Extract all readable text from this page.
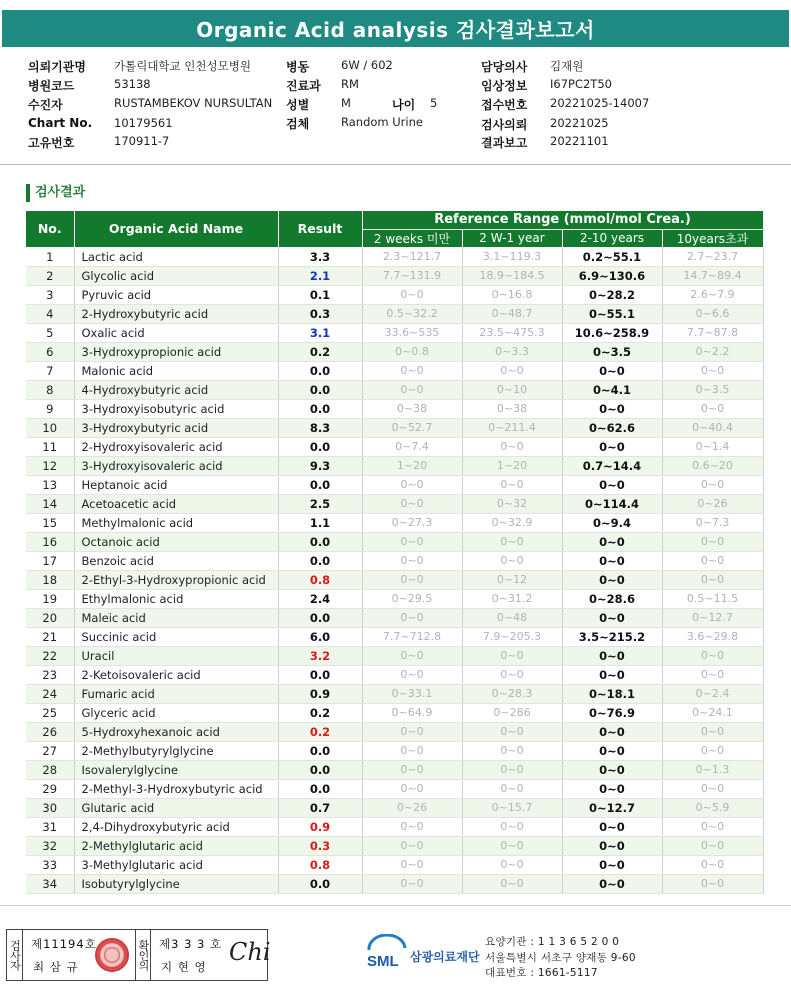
Organic Acid analysis 검사결과보고서
의뢰기관명 가톨릭대학교 인천성모병원
병원코드	53138
수진자	RUSTAMBEKOV NURSULTAN
Chart No. 10179561
고유번호	170911-7
병동	6W / 602
진료과 RM
성별	M	나이 5
검체	Random Urine
담당의사 김재원
임상정보 I67PC2T50
접수번호 20221025-14007
검사의뢰 20221025
결과보고 20221101
검사결과
No.	Organic Acid Name	Result	Reference Range (mmol/mol Crea.)			
			2 weeks 미만	2 W-1 year	2-10 years	10years초과
1	Lactic acid	3.3	2.3~121.7	3.1~119.3	0.2~55.1	2.7~23.7
2	Glycolic acid	2.1	7.7~131.9	18.9~184.5	6.9~130.6	14.7~89.4
3	Pyruvic acid	0.1	0~0	0~16.8	0~28.2	2.6~7.9
4	2-Hydroxybutyric acid	0.3	0.5~32.2	0~48.7	0~55.1	0~6.6
5	Oxalic acid	3.1	33.6~535	23.5~475.3	10.6~258.9	7.7~87.8
6	3-Hydroxypropionic acid	0.2	0~0.8	0~3.3	0~3.5	0~2.2
7	Malonic acid	0.0	0~0	0~0	0~0	0~0
8	4-Hydroxybutyric acid	0.0	0~0	0~10	0~4.1	0~3.5
9	3-Hydroxyisobutyric acid	0.0	0~38	0~38	0~0	0~0
10	3-Hydroxybutyric acid	8.3	0~52.7	0~211.4	0~62.6	0~40.4
11	2-Hydroxyisovaleric acid	0.0	0~7.4	0~0	0~0	0~1.4
12	3-Hydroxyisovaleric acid	9.3	1~20	1~20	0.7~14.4	0.6~20
13	Heptanoic acid	0.0	0~0	0~0	0~0	0~0
14	Acetoacetic acid	2.5	0~0	0~32	0~114.4	0~26
15	Methylmalonic acid	1.1	0~27.3	0~32.9	0~9.4	0~7.3
16	Octanoic acid	0.0	0~0	0~0	0~0	0~0
17	Benzoic acid	0.0	0~0	0~0	0~0	0~0
18	2-Ethyl-3-Hydroxypropionic acid	0.8	0~0	0~12	0~0	0~0
19	Ethylmalonic acid	2.4	0~29.5	0~31.2	0~28.6	0.5~11.5
20	Maleic acid	0.0	0~0	0~48	0~0	0~12.7
21	Succinic acid	6.0	7.7~712.8	7.9~205.3	3.5~215.2	3.6~29.8
22	Uracil	3.2	0~0	0~0	0~0	0~0
23	2-Ketoisovaleric acid	0.0	0~0	0~0	0~0	0~0
24	Fumaric acid	0.9	0~33.1	0~28.3	0~18.1	0~2.4
25	Glyceric acid	0.2	0~64.9	0~286	0~76.9	0~24.1
26	5-Hydroxyhexanoic acid	0.2	0~0	0~0	0~0	0~0
27	2-Methylbutyrylglycine	0.0	0~0	0~0	0~0	0~0
28	Isovalerylglycine	0.0	0~0	0~0	0~0	0~1.3
29	2-Methyl-3-Hydroxybutyric acid	0.0	0~0	0~0	0~0	0~0
30	Glutaric acid	0.7	0~26	0~15.7	0~12.7	0~5.9
31	2,4-Dihydroxybutyric acid	0.9	0~0	0~0	0~0	0~0
32	2-Methylglutaric acid	0.3	0~0	0~0	0~0	0~0
33	3-Methylglutaric acid	0.8	0~0	0~0	0~0	0~0
34	Isobutyrylglycine	0.0	0~0	0~0	0~0	0~0
검사자 제11194호
최 삼 규	확인의 제3 3 3 호
지 현 영
Chi	SML 삼광의료재단
요양기관 : 1 1 3 6 5 2 0 0
서울특별시 서초구 양재동 9-60
대표번호 : 1661-5117
